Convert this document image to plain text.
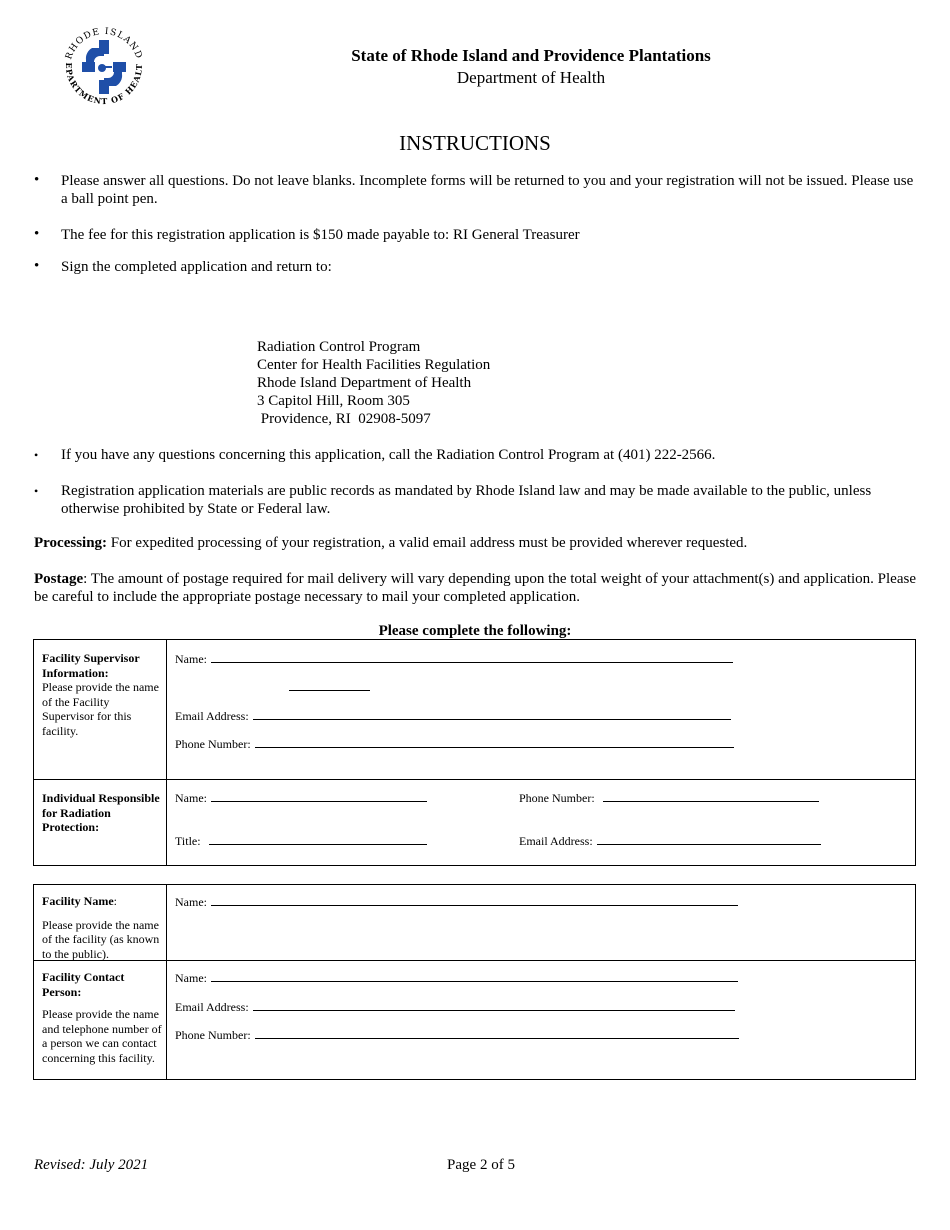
RHODE ISLAND
EPARTMENT OF HEALT
State of Rhode Island and Providence Plantations
Department of Health
INSTRUCTIONS
• Please answer all questions. Do not leave blanks. Incomplete forms will be returned to you and your registration will not be issued. Please use a ball point pen.
• The fee for this registration application is $150 made payable to: RI General Treasurer
• Sign the completed application and return to:
Radiation Control Program
Center for Health Facilities Regulation
Rhode Island Department of Health
3 Capitol Hill, Room 305
Providence, RI  02908-5097
• If you have any questions concerning this application, call the Radiation Control Program at (401) 222-2566.
• Registration application materials are public records as mandated by Rhode Island law and may be made available to the public, unless otherwise prohibited by State or Federal law.
Processing: For expedited processing of your registration, a valid email address must be provided wherever requested.
Postage: The amount of postage required for mail delivery will vary depending upon the total weight of your attachment(s) and application. Please be careful to include the appropriate postage necessary to mail your completed application.
Please complete the following:
Facility Supervisor Information:
Please provide the name of the Facility Supervisor for this facility.
Name:
Email Address:
Phone Number:
Individual Responsible for Radiation Protection:
Name:	Phone Number:
Title:	Email Address:
Facility Name:

Please provide the name of the facility (as known to the public).
Name:
Facility Contact Person:

Please provide the name and telephone number of a person we can contact concerning this facility.
Name:
Email Address:
Phone Number:
Revised: July 2021	Page 2 of 5
